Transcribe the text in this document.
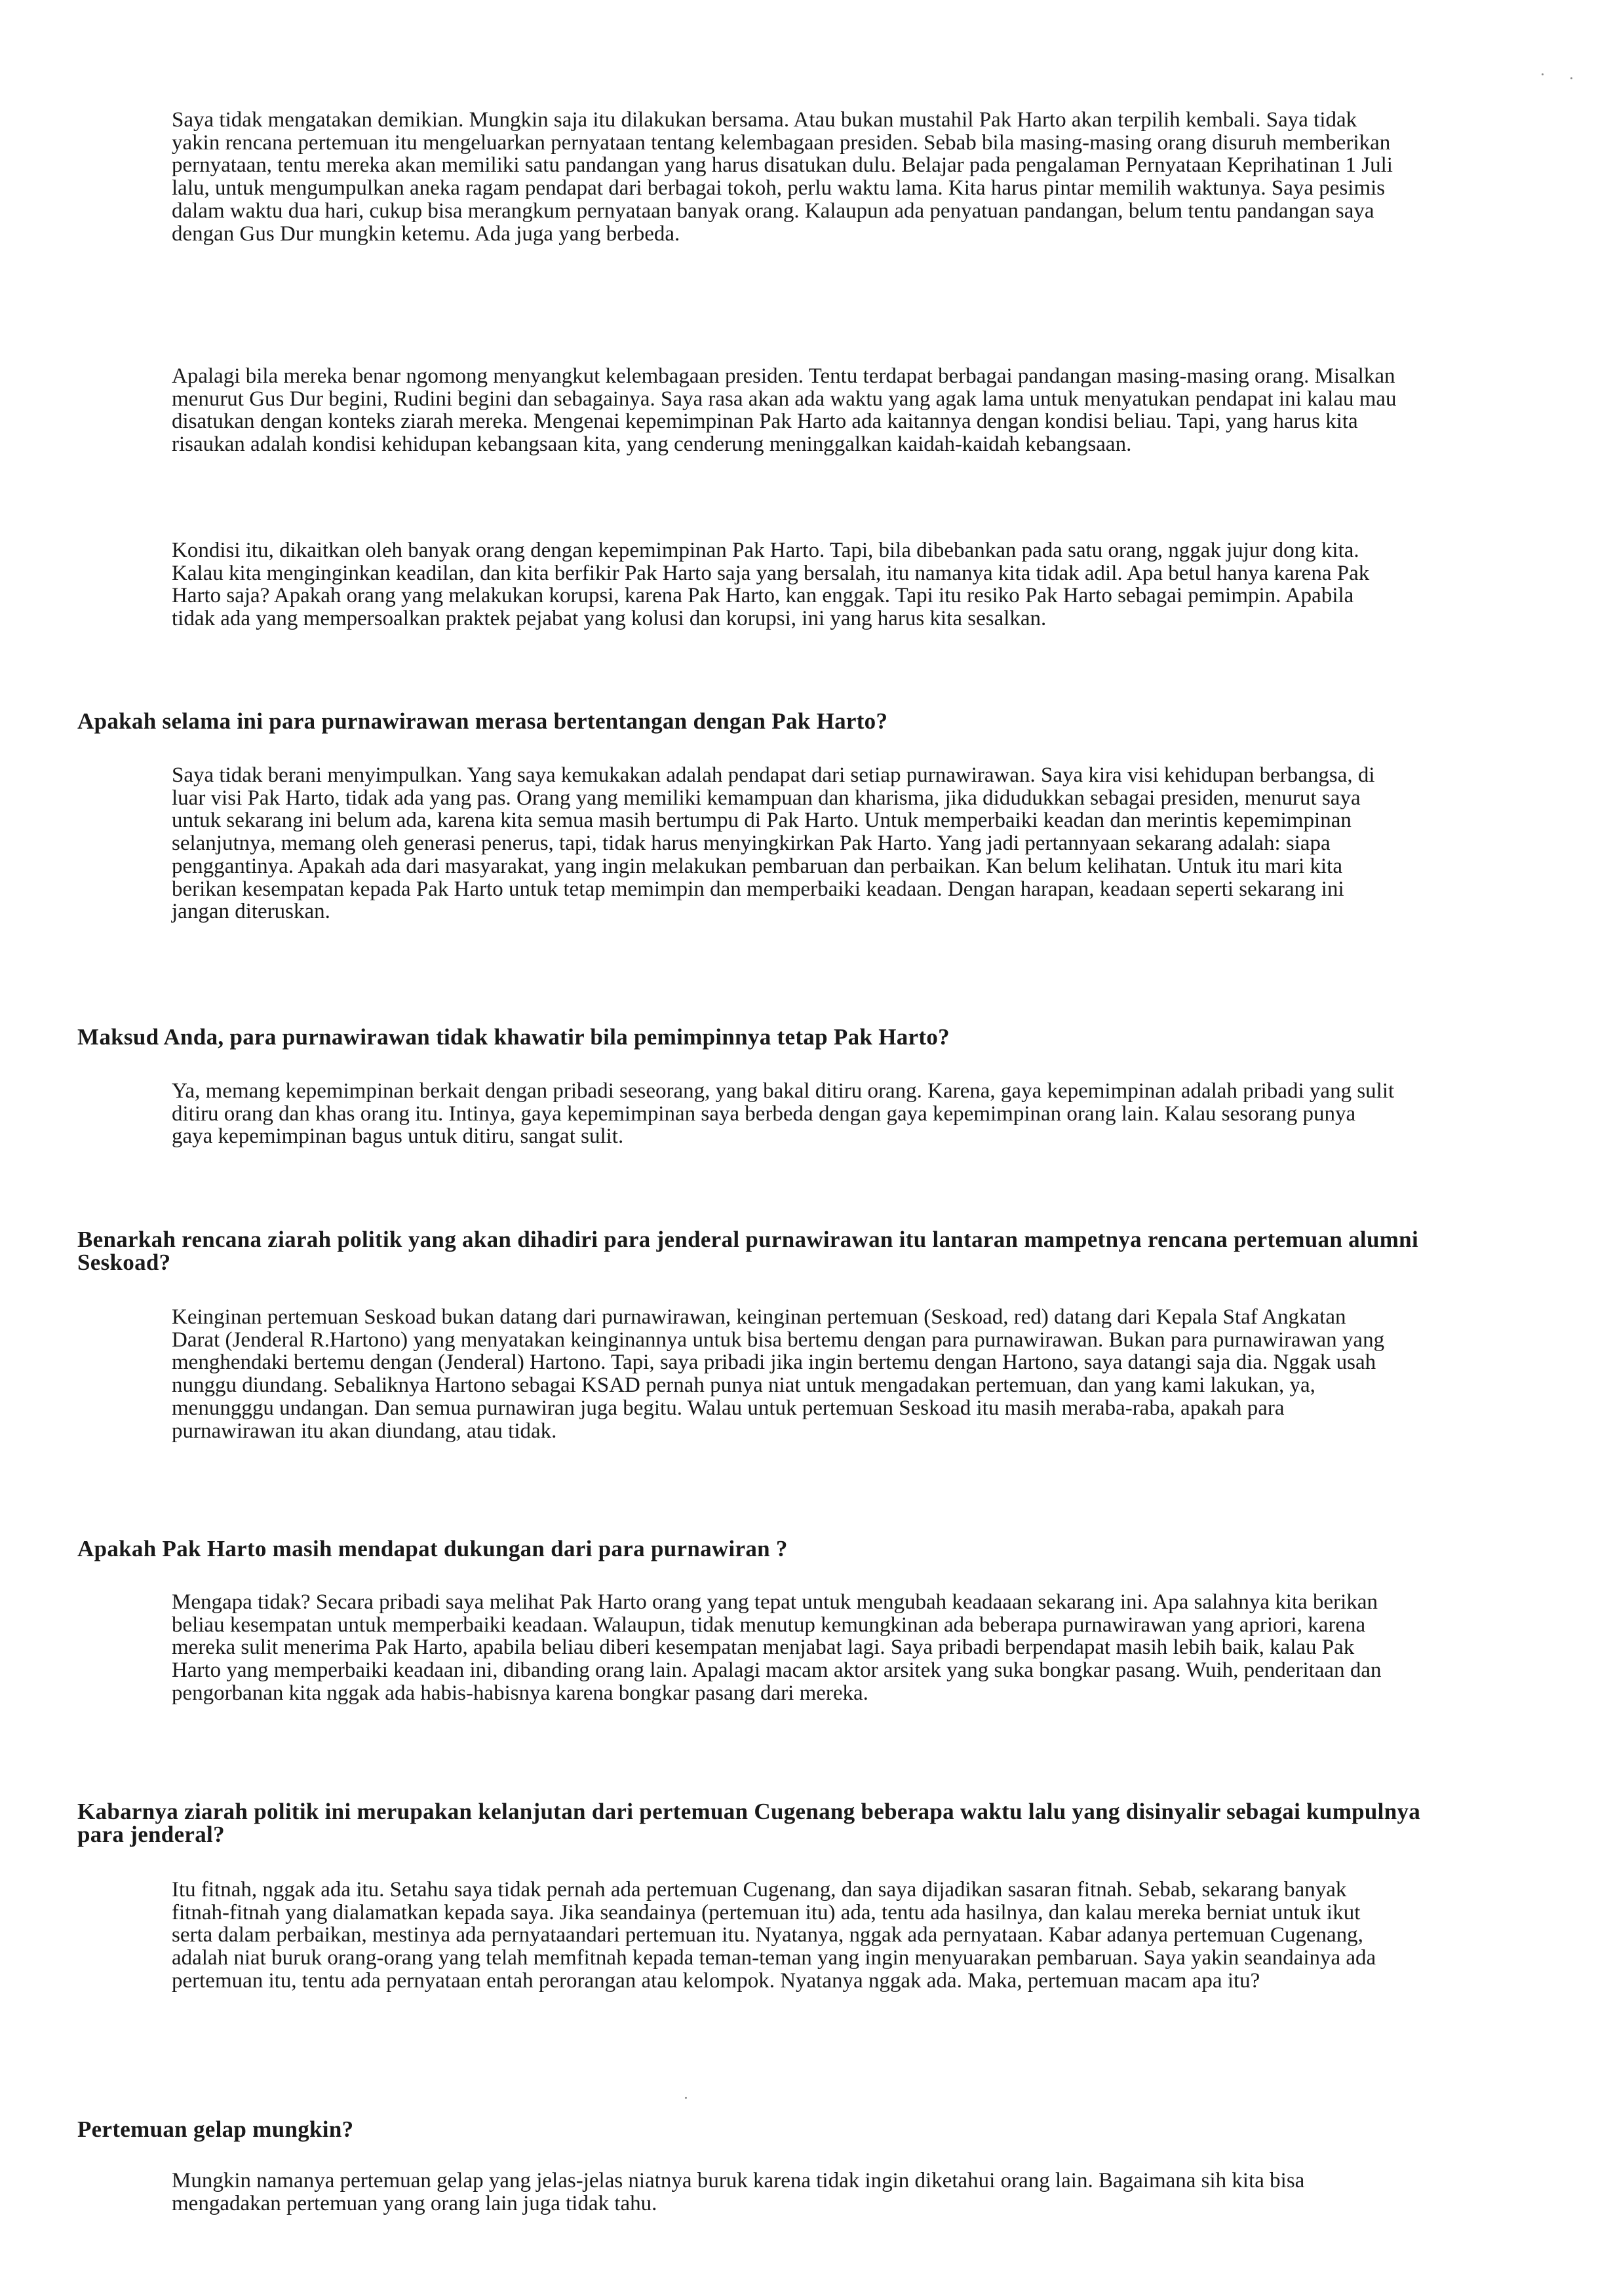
Saya tidak mengatakan demikian. Mungkin saja itu dilakukan bersama. Atau bukan mustahil Pak Harto akan terpilih kembali. Saya tidak yakin rencana pertemuan itu mengeluarkan pernyataan tentang kelembagaan presiden. Sebab bila masing-masing orang disuruh memberikan pernyataan, tentu mereka akan memiliki satu pandangan yang harus disatukan dulu. Belajar pada pengalaman Pernyataan Keprihatinan 1 Juli lalu, untuk mengumpulkan aneka ragam pendapat dari berbagai tokoh, perlu waktu lama. Kita harus pintar memilih waktunya. Saya pesimis dalam waktu dua hari, cukup bisa merangkum pernyataan banyak orang. Kalaupun ada penyatuan pandangan, belum tentu pandangan saya dengan Gus Dur mungkin ketemu. Ada juga yang berbeda.

Apalagi bila mereka benar ngomong menyangkut kelembagaan presiden. Tentu terdapat berbagai pandangan masing-masing orang. Misalkan menurut Gus Dur begini, Rudini begini dan sebagainya. Saya rasa akan ada waktu yang agak lama untuk menyatukan pendapat ini kalau mau disatukan dengan konteks ziarah mereka. Mengenai kepemimpinan Pak Harto ada kaitannya dengan kondisi beliau. Tapi, yang harus kita risaukan adalah kondisi kehidupan kebangsaan kita, yang cenderung meninggalkan kaidah-kaidah kebangsaan.

Kondisi itu, dikaitkan oleh banyak orang dengan kepemimpinan Pak Harto. Tapi, bila dibebankan pada satu orang, nggak jujur dong kita. Kalau kita menginginkan keadilan, dan kita berfikir Pak Harto saja yang bersalah, itu namanya kita tidak adil. Apa betul hanya karena Pak Harto saja? Apakah orang yang melakukan korupsi, karena Pak Harto, kan enggak. Tapi itu resiko Pak Harto sebagai pemimpin. Apabila tidak ada yang mempersoalkan praktek pejabat yang kolusi dan korupsi, ini yang harus kita sesalkan.

Apakah selama ini para purnawirawan merasa bertentangan dengan Pak Harto?

Saya tidak berani menyimpulkan. Yang saya kemukakan adalah pendapat dari setiap purnawirawan. Saya kira visi kehidupan berbangsa, di luar visi Pak Harto, tidak ada yang pas. Orang yang memiliki kemampuan dan kharisma, jika didudukkan sebagai presiden, menurut saya untuk sekarang ini belum ada, karena kita semua masih bertumpu di Pak Harto. Untuk memperbaiki keadan dan merintis kepemimpinan selanjutnya, memang oleh generasi penerus, tapi, tidak harus menyingkirkan Pak Harto. Yang jadi pertannyaan sekarang adalah: siapa penggantinya. Apakah ada dari masyarakat, yang ingin melakukan pembaruan dan perbaikan. Kan belum kelihatan. Untuk itu mari kita berikan kesempatan kepada Pak Harto untuk tetap memimpin dan memperbaiki keadaan. Dengan harapan, keadaan seperti sekarang ini jangan diteruskan.

Maksud Anda, para purnawirawan tidak khawatir bila pemimpinnya tetap Pak Harto?

Ya, memang kepemimpinan berkait dengan pribadi seseorang, yang bakal ditiru orang. Karena, gaya kepemimpinan adalah pribadi yang sulit ditiru orang dan khas orang itu. Intinya, gaya kepemimpinan saya berbeda dengan gaya kepemimpinan orang lain. Kalau sesorang punya gaya kepemimpinan bagus untuk ditiru, sangat sulit.

Benarkah rencana ziarah politik yang akan dihadiri para jenderal purnawirawan itu lantaran mampetnya rencana pertemuan alumni Seskoad?

Keinginan pertemuan Seskoad bukan datang dari purnawirawan, keinginan pertemuan (Seskoad, red) datang dari Kepala Staf Angkatan Darat (Jenderal R.Hartono) yang menyatakan keinginannya untuk bisa bertemu dengan para purnawirawan. Bukan para purnawirawan yang menghendaki bertemu dengan (Jenderal) Hartono. Tapi, saya pribadi jika ingin bertemu dengan Hartono, saya datangi saja dia. Nggak usah nunggu diundang. Sebaliknya Hartono sebagai KSAD pernah punya niat untuk mengadakan pertemuan, dan yang kami lakukan, ya, menungggu undangan. Dan semua purnawiran juga begitu. Walau untuk pertemuan Seskoad itu masih meraba-raba, apakah para purnawirawan itu akan diundang, atau tidak.

Apakah Pak Harto masih mendapat dukungan dari para purnawiran ?

Mengapa tidak? Secara pribadi saya melihat Pak Harto orang yang tepat untuk mengubah keadaaan sekarang ini. Apa salahnya kita berikan beliau kesempatan untuk memperbaiki keadaan. Walaupun, tidak menutup kemungkinan ada beberapa purnawirawan yang apriori, karena mereka sulit menerima Pak Harto, apabila beliau diberi kesempatan menjabat lagi. Saya pribadi berpendapat masih lebih baik, kalau Pak Harto yang memperbaiki keadaan ini, dibanding orang lain. Apalagi macam aktor arsitek yang suka bongkar pasang. Wuih, penderitaan dan pengorbanan kita nggak ada habis-habisnya karena bongkar pasang dari mereka.

Kabarnya ziarah politik ini merupakan kelanjutan dari pertemuan Cugenang beberapa waktu lalu yang disinyalir sebagai kumpulnya para jenderal?

Itu fitnah, nggak ada itu. Setahu saya tidak pernah ada pertemuan Cugenang, dan saya dijadikan sasaran fitnah. Sebab, sekarang banyak fitnah-fitnah yang dialamatkan kepada saya. Jika seandainya (pertemuan itu) ada, tentu ada hasilnya, dan kalau mereka berniat untuk ikut serta dalam perbaikan, mestinya ada pernyataandari pertemuan itu. Nyatanya, nggak ada pernyataan. Kabar adanya pertemuan Cugenang, adalah niat buruk orang-orang yang telah memfitnah kepada teman-teman yang ingin menyuarakan pembaruan. Saya yakin seandainya ada pertemuan itu, tentu ada pernyataan entah perorangan atau kelompok. Nyatanya nggak ada. Maka, pertemuan macam apa itu?

Pertemuan gelap mungkin?

Mungkin namanya pertemuan gelap yang jelas-jelas niatnya buruk karena tidak ingin diketahui orang lain. Bagaimana sih kita bisa mengadakan pertemuan yang orang lain juga tidak tahu.
